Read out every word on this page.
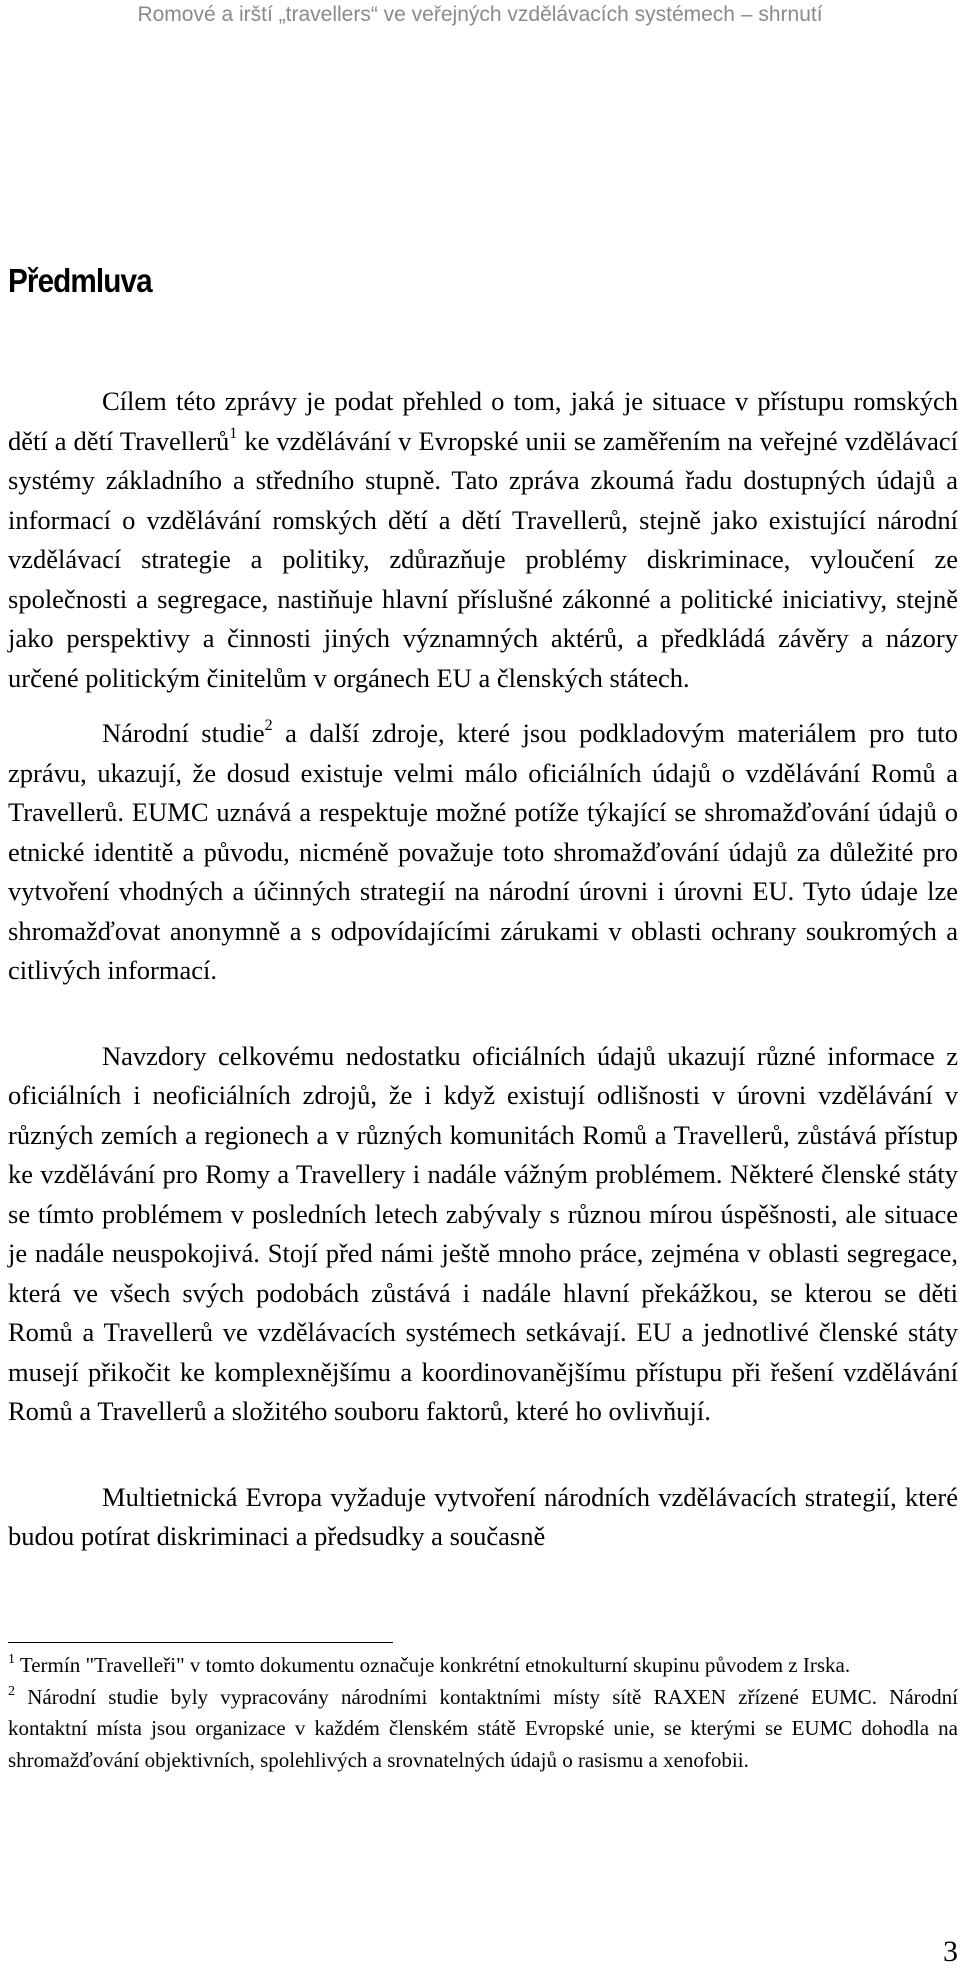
Romové a irští „travellers“ ve veřejných vzdělávacích systémech – shrnutí
Předmluva

Cílem této zprávy je podat přehled o tom, jaká je situace v přístupu romských dětí a dětí Travellerů$^1$ ke vzdělávání v Evropské unii se zaměřením na veřejné vzdělávací systémy základního a středního stupně. Tato zpráva zkoumá řadu dostupných údajů a informací o vzdělávání romských dětí a dětí Travellerů, stejně jako existující národní vzdělávací strategie a politiky, zdůrazňuje problémy diskriminace, vyloučení ze společnosti a segregace, nastiňuje hlavní příslušné zákonné a politické iniciativy, stejně jako perspektivy a činnosti jiných významných aktérů, a předkládá závěry a názory určené politickým činitelům v orgánech EU a členských státech.

Národní studie$^2$ a další zdroje, které jsou podkladovým materiálem pro tuto zprávu, ukazují, že dosud existuje velmi málo oficiálních údajů o vzdělávání Romů a Travellerů. EUMC uznává a respektuje možné potíže týkající se shromažďování údajů o etnické identitě a původu, nicméně považuje toto shromažďování údajů za důležité pro vytvoření vhodných a účinných strategií na národní úrovni i úrovni EU. Tyto údaje lze shromažďovat anonymně a s odpovídajícími zárukami v oblasti ochrany soukromých a citlivých informací.

Navzdory celkovému nedostatku oficiálních údajů ukazují různé informace z oficiálních i neoficiálních zdrojů, že i když existují odlišnosti v úrovni vzdělávání v různých zemích a regionech a v různých komunitách Romů a Travellerů, zůstává přístup ke vzdělávání pro Romy a Travellery i nadále vážným problémem. Některé členské státy se tímto problémem v posledních letech zabývaly s různou mírou úspěšnosti, ale situace je nadále neuspokojivá. Stojí před námi ještě mnoho práce, zejména v oblasti segregace, která ve všech svých podobách zůstává i nadále hlavní překážkou, se kterou se děti Romů a Travellerů ve vzdělávacích systémech setkávají. EU a jednotlivé členské státy musejí přikočit ke komplexnějšímu a koordinovanějšímu přístupu při řešení vzdělávání Romů a Travellerů a složitého souboru faktorů, které ho ovlivňují.

Multietnická Evropa vyžaduje vytvoření národních vzdělávacích strategií, které budou potírat diskriminaci a předsudky a současně

$^1$ Termín "Travelleři" v tomto dokumentu označuje konkrétní etnokulturní skupinu původem z Irska.

$^2$ Národní studie byly vypracovány národními kontaktními místy sítě RAXEN zřízené EUMC. Národní kontaktní místa jsou organizace v každém členském státě Evropské unie, se kterými se EUMC dohodla na shromažďování objektivních, spolehlivých a srovnatelných údajů o rasismu a xenofobii.

3
